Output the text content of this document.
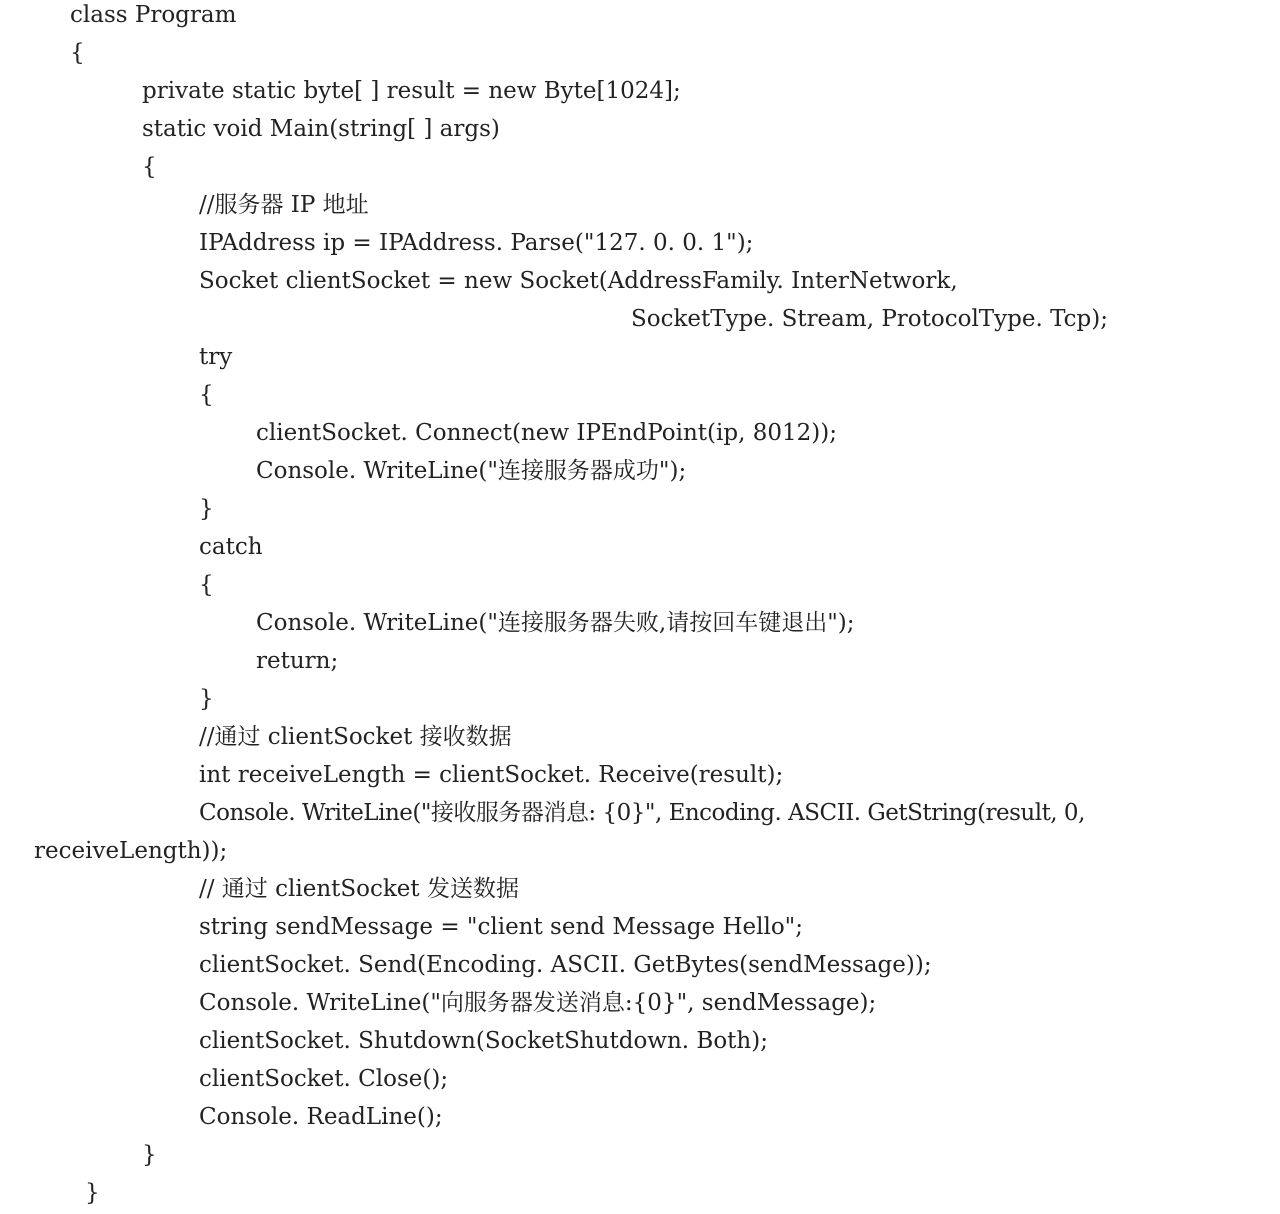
class Program
{
private static byte[ ] result = new Byte[1024];
static void Main(string[ ] args)
{
//服务器 IP 地址
IPAddress ip = IPAddress. Parse("127. 0. 0. 1");
Socket clientSocket = new Socket(AddressFamily. InterNetwork,
SocketType. Stream, ProtocolType. Tcp);
try
{
clientSocket. Connect(new IPEndPoint(ip, 8012));
Console. WriteLine("连接服务器成功");
}
catch
{
Console. WriteLine("连接服务器失败,请按回车键退出");
return;
}
//通过 clientSocket 接收数据
int receiveLength = clientSocket. Receive(result);
Console. WriteLine("接收服务器消息: {0}", Encoding. ASCII. GetString(result, 0,
receiveLength));
// 通过 clientSocket 发送数据
string sendMessage = "client send Message Hello";
clientSocket. Send(Encoding. ASCII. GetBytes(sendMessage));
Console. WriteLine("向服务器发送消息:{0}", sendMessage);
clientSocket. Shutdown(SocketShutdown. Both);
clientSocket. Close();
Console. ReadLine();
}
}
